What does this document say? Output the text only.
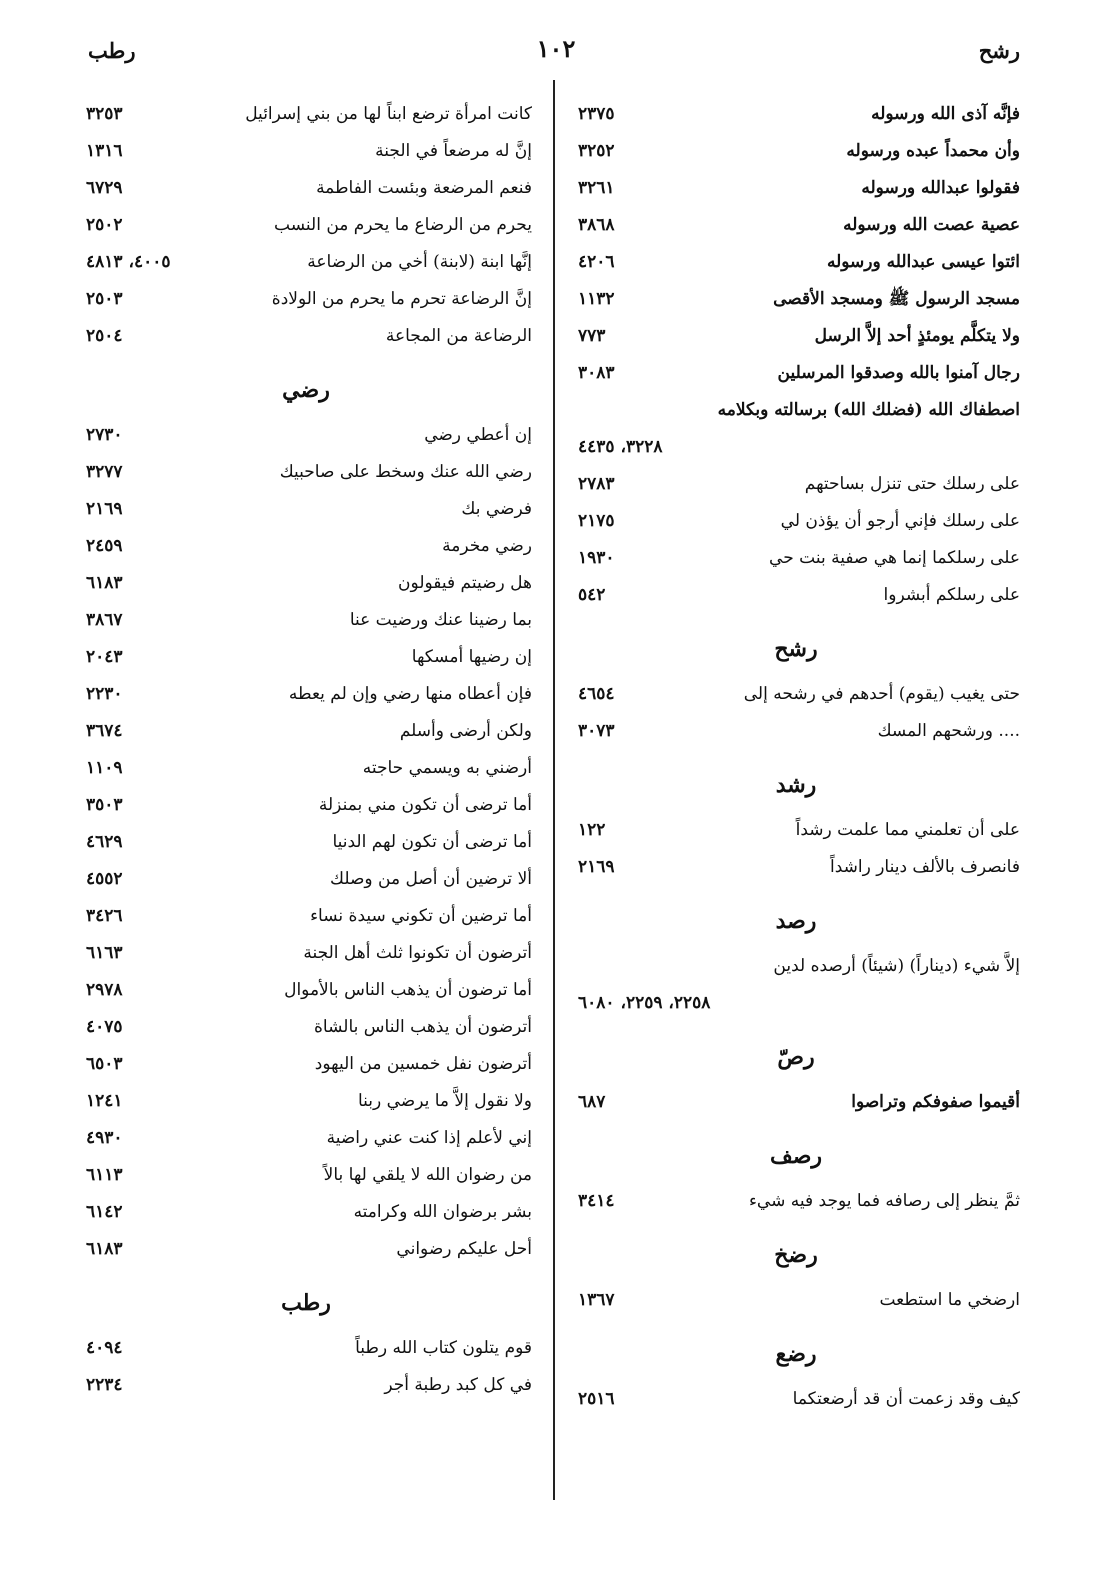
رطب	١٠٢	رشح
فإنَّه آذى الله ورسوله
٢٣٧٥
وأن محمداً عبده ورسوله
٣٢٥٢
فقولوا عبدالله ورسوله
٣٢٦١
عصية عصت الله ورسوله
٣٨٦٨
ائتوا عيسى عبدالله ورسوله
٤٢٠٦
مسجد الرسول ﷺ ومسجد الأقصى
١١٣٢
ولا يتكلَّم يومئذٍ أحد إلاَّ الرسل
٧٧٣
رجال آمنوا بالله وصدقوا المرسلين
٣٠٨٣
اصطفاك الله (فضلك الله) برسالته وبكلامه
٣٢٢٨، ٤٤٣٥
على رسلك حتى تنزل بساحتهم
٢٧٨٣
على رسلك فإني أرجو أن يؤذن لي
٢١٧٥
على رسلكما إنما هي صفية بنت حي
١٩٣٠
على رسلكم أبشروا
٥٤٢
رشح
حتى يغيب (يقوم) أحدهم في رشحه إلى
٤٦٥٤
.... ورشحهم المسك
٣٠٧٣
رشد
على أن تعلمني مما علمت رشداً
١٢٢
فانصرف بالألف دينار راشداً
٢١٦٩
رصد
إلاَّ شيء (ديناراً) (شيئاً) أرصده لدين
٢٢٥٨، ٢٢٥٩، ٦٠٨٠
رصّ
أقيموا صفوفكم وتراصوا
٦٨٧
رصف
ثمَّ ينظر إلى رصافه فما يوجد فيه شيء
٣٤١٤
رضخ
ارضخي ما استطعت
١٣٦٧
رضع
كيف وقد زعمت أن قد أرضعتكما
٢٥١٦
كانت امرأة ترضع ابناً لها من بني إسرائيل
٣٢٥٣
إنَّ له مرضعاً في الجنة
١٣١٦
فنعم المرضعة وبئست الفاطمة
٦٧٢٩
يحرم من الرضاع ما يحرم من النسب
٢٥٠٢
إنَّها ابنة (لابنة) أخي من الرضاعة
٤٠٠٥، ٤٨١٣
إنَّ الرضاعة تحرم ما يحرم من الولادة
٢٥٠٣
الرضاعة من المجاعة
٢٥٠٤
رضي
إن أعطي رضي
٢٧٣٠
رضي الله عنك وسخط على صاحبيك
٣٢٧٧
فرضي بك
٢١٦٩
رضي مخرمة
٢٤٥٩
هل رضيتم فيقولون
٦١٨٣
بما رضينا عنك ورضيت عنا
٣٨٦٧
إن رضيها أمسكها
٢٠٤٣
فإن أعطاه منها رضي وإن لم يعطه
٢٢٣٠
ولكن أرضى وأسلم
٣٦٧٤
أرضني به ويسمي حاجته
١١٠٩
أما ترضى أن تكون مني بمنزلة
٣٥٠٣
أما ترضى أن تكون لهم الدنيا
٤٦٢٩
ألا ترضين أن أصل من وصلك
٤٥٥٢
أما ترضين أن تكوني سيدة نساء
٣٤٢٦
أترضون أن تكونوا ثلث أهل الجنة
٦١٦٣
أما ترضون أن يذهب الناس بالأموال
٢٩٧٨
أترضون أن يذهب الناس بالشاة
٤٠٧٥
أترضون نفل خمسين من اليهود
٦٥٠٣
ولا نقول إلاَّ ما يرضي ربنا
١٢٤١
إني لأعلم إذا كنت عني راضية
٤٩٣٠
من رضوان الله لا يلقي لها بالاً
٦١١٣
بشر برضوان الله وكرامته
٦١٤٢
أحل عليكم رضواني
٦١٨٣
رطب
قوم يتلون كتاب الله رطباً
٤٠٩٤
في كل كبد رطبة أجر
٢٢٣٤
